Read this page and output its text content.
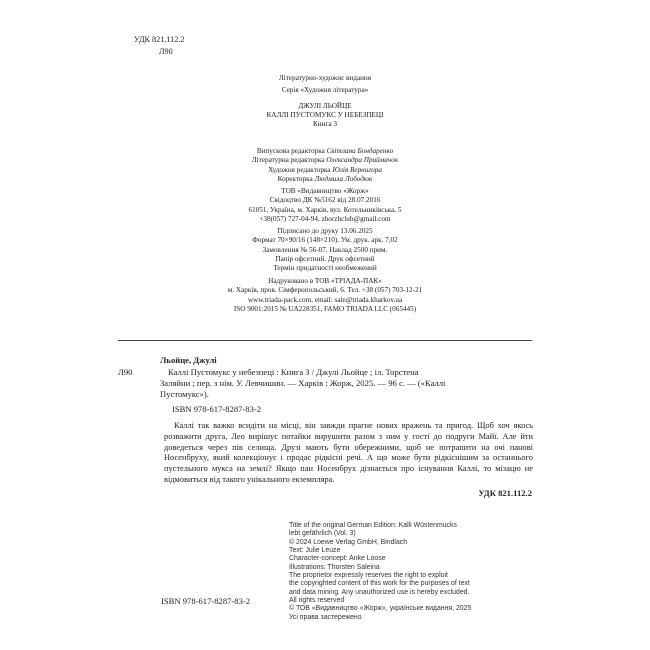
УДК 821.112.2
Л90
Літературно-художнє видання
Серія «Художня література»
ДЖУЛІ ЛЬОЙЦЕ
КАЛЛІ ПУСТОМУКС У НЕБЕЗПЕЦІ
Книга 3
Випускова редакторка Світлана Бондаренко
Літературна редакторка Олександра Приймачок
Художня редакторка Юлія Вернигора
Коректорка Людмила Лободюк
ТОВ «Видавництво «Жорж»
Свідоцтво ДК №5162 від 28.07.2016
61051, Україна, м. Харків, вул. Котельниківська, 5
+38(057) 727-04-94, zhorzhclub@gmail.com
Підписано до друку 13.06.2025
Формат 70×90/16 (148×210). Ум. друк. арк. 7,02
Замовлення № 56-07. Наклад 2500 прим.
Папір офсетний. Друк офсетний
Термін придатності необмежений
Надруковано в ТОВ «ТРІАДА-ПАК»
м. Харків, пров. Сімферопольський, 6. Тел. +38 (057) 703-12-21
www.triada-pack.com, email: sale@triada.kharkov.ua
ISO 9001:2015 № UA228351, FAMO TRIADA LLC (065445)
Льойце, Джулі
Л90	Каллі Пустомукс у небезпеці : Книга 3 / Джулі Льойце ; іл. Торстена
Заляйни ; пер. з нім. У. Левчишин. — Харків : Жорж, 2025. — 96 с. — («Каллі
Пустомукс»).
ISBN 978-617-8287-83-2

Каллі так важко всидіти на місці, він завжди прагне нових вражень та пригод. Щоб хоч якось розважити друга, Лео вирішує потайки вирушити разом з ним у гості до подруги Майї. Але йти доведеться через пів селища. Друзі мають бути обережними, щоб не потрапити на очі панові Носенбрухy, який колекціонує і продає рідкісні речі. А що може бути рідкіснішим за останнього пустельного мукса на землі? Якщо пан Носенбрух дізнається про існування Каллі, то мізацю не відмовиться від такого унікального екземпляра.

УДК 821.112.2
Title of the original German Edition: Kalli Wüstenmucks
lebt gefährlich (Vol. 3)
© 2024 Loewe Verlag GmbH, Bindlach
Text: Julie Leuze
Character-concept: Anke Loose
Illustrations: Thorsten Saleina
The proprietor expressly reserves the right to exploit
the copyrighted content of this work for the purposes of text
and data mining. Any unauthorized use is hereby excluded.
All rights reserved
© ТОВ «Видавництво «Жорж», українське видання, 2025
Усі права застережено
ISBN 978-617-8287-83-2
